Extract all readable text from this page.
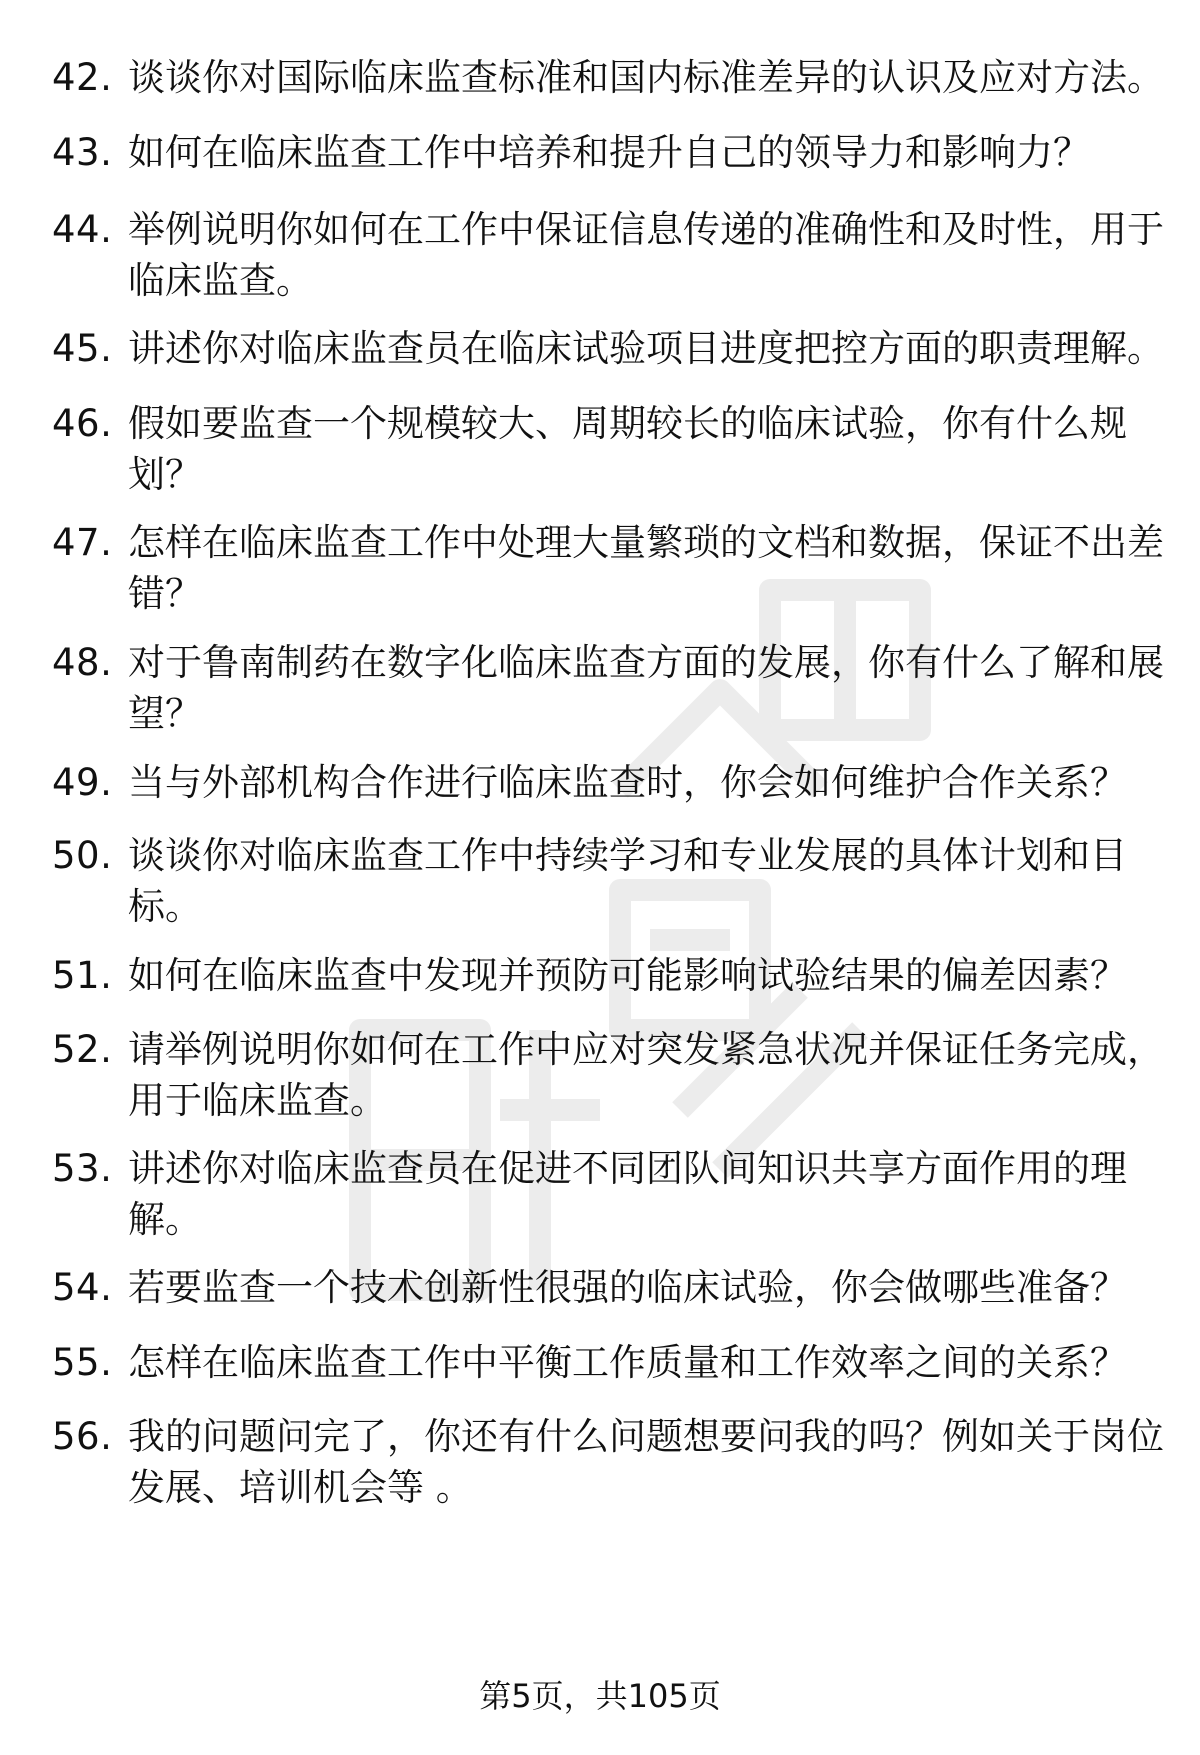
42. 谈谈你对国际临床监查标准和国内标准差异的认识及应对方法。
43. 如何在临床监查工作中培养和提升自己的领导力和影响力？
44. 举例说明你如何在工作中保证信息传递的准确性和及时性，用于
临床监查。
45. 讲述你对临床监查员在临床试验项目进度把控方面的职责理解。
46. 假如要监查一个规模较大、周期较长的临床试验，你有什么规
划？
47. 怎样在临床监查工作中处理大量繁琐的文档和数据，保证不出差
错？
48. 对于鲁南制药在数字化临床监查方面的发展，你有什么了解和展
望？
49. 当与外部机构合作进行临床监查时，你会如何维护合作关系？
50. 谈谈你对临床监查工作中持续学习和专业发展的具体计划和目
标。
51. 如何在临床监查中发现并预防可能影响试验结果的偏差因素？
52. 请举例说明你如何在工作中应对突发紧急状况并保证任务完成，
用于临床监查。
53. 讲述你对临床监查员在促进不同团队间知识共享方面作用的理
解。
54. 若要监查一个技术创新性很强的临床试验，你会做哪些准备？
55. 怎样在临床监查工作中平衡工作质量和工作效率之间的关系？
56. 我的问题问完了，你还有什么问题想要问我的吗？例如关于岗位
发展、培训机会等 。
第5页，共105页
